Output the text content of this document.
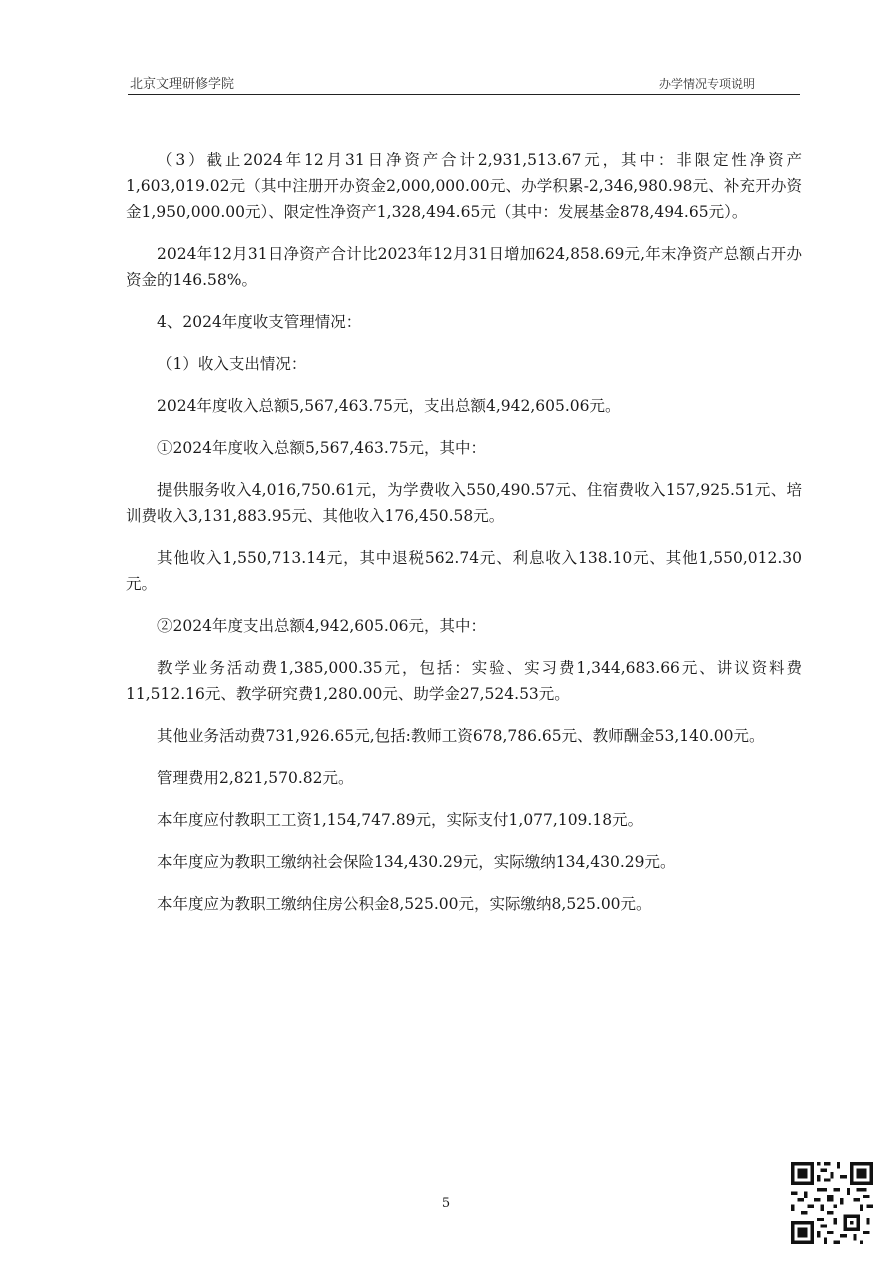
北京文理研修学院	办学情况专项说明

（3）截止2024年12月31日净资产合计2,931,513.67元，其中：非限定性净资产1,603,019.02元（其中注册开办资金2,000,000.00元、办学积累-2,346,980.98元、补充开办资金1,950,000.00元）、限定性净资产1,328,494.65元（其中：发展基金878,494.65元）。

2024年12月31日净资产合计比2023年12月31日增加624,858.69元,年末净资产总额占开办资金的146.58%。

4、2024年度收支管理情况：

（1）收入支出情况：

2024年度收入总额5,567,463.75元，支出总额4,942,605.06元。

①2024年度收入总额5,567,463.75元，其中：

提供服务收入4,016,750.61元，为学费收入550,490.57元、住宿费收入157,925.51元、培训费收入3,131,883.95元、其他收入176,450.58元。

其他收入1,550,713.14元，其中退税562.74元、利息收入138.10元、其他1,550,012.30元。

②2024年度支出总额4,942,605.06元，其中：

教学业务活动费1,385,000.35元，包括：实验、实习费1,344,683.66元、讲议资料费11,512.16元、教学研究费1,280.00元、助学金27,524.53元。

其他业务活动费731,926.65元,包括:教师工资678,786.65元、教师酬金53,140.00元。

管理费用2,821,570.82元。

本年度应付教职工工资1,154,747.89元，实际支付1,077,109.18元。

本年度应为教职工缴纳社会保险134,430.29元，实际缴纳134,430.29元。

本年度应为教职工缴纳住房公积金8,525.00元，实际缴纳8,525.00元。

5
